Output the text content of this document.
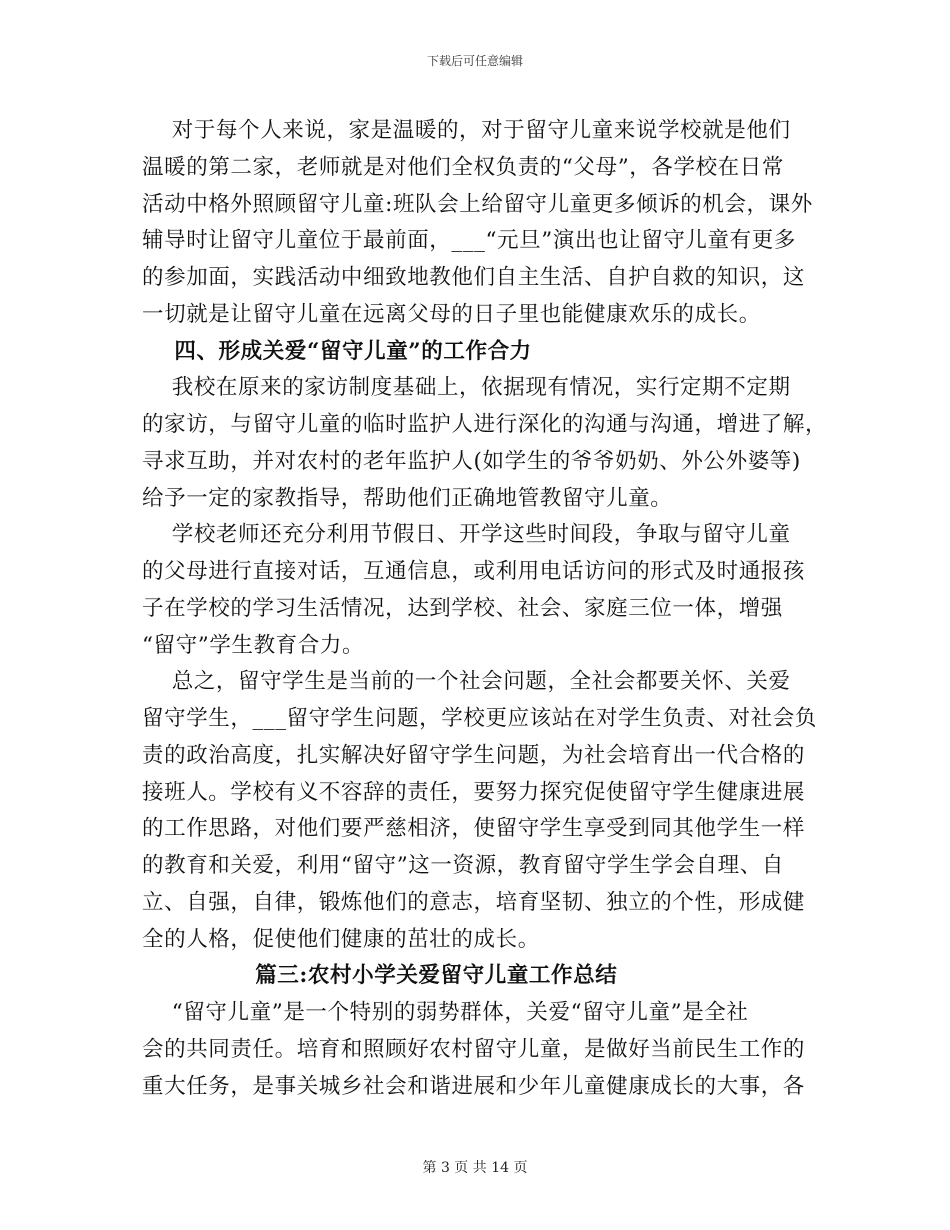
下载后可任意编辑
对于每个人来说，家是温暖的，对于留守儿童来说学校就是他们
温暖的第二家，老师就是对他们全权负责的“父母”，各学校在日常
活动中格外照顾留守儿童:班队会上给留守儿童更多倾诉的机会，课外
辅导时让留守儿童位于最前面，___“元旦”演出也让留守儿童有更多
的参加面，实践活动中细致地教他们自主生活、自护自救的知识，这
一切就是让留守儿童在远离父母的日子里也能健康欢乐的成长。
四、形成关爱“留守儿童”的工作合力
我校在原来的家访制度基础上，依据现有情况，实行定期不定期
的家访，与留守儿童的临时监护人进行深化的沟通与沟通，增进了解，
寻求互助，并对农村的老年监护人(如学生的爷爷奶奶、外公外婆等)
给予一定的家教指导，帮助他们正确地管教留守儿童。
学校老师还充分利用节假日、开学这些时间段，争取与留守儿童
的父母进行直接对话，互通信息，或利用电话访问的形式及时通报孩
子在学校的学习生活情况，达到学校、社会、家庭三位一体，增强
“留守”学生教育合力。
总之，留守学生是当前的一个社会问题，全社会都要关怀、关爱
留守学生，___留守学生问题，学校更应该站在对学生负责、对社会负
责的政治高度，扎实解决好留守学生问题，为社会培育出一代合格的
接班人。学校有义不容辞的责任，要努力探究促使留守学生健康进展
的工作思路，对他们要严慈相济，使留守学生享受到同其他学生一样
的教育和关爱，利用“留守”这一资源，教育留守学生学会自理、自
立、自强，自律，锻炼他们的意志，培育坚韧、独立的个性，形成健
全的人格，促使他们健康的茁壮的成长。
篇三:农村小学关爱留守儿童工作总结
“留守儿童”是一个特别的弱势群体，关爱“留守儿童”是全社
会的共同责任。培育和照顾好农村留守儿童，是做好当前民生工作的
重大任务，是事关城乡社会和谐进展和少年儿童健康成长的大事，各
第 3 页 共 14 页
